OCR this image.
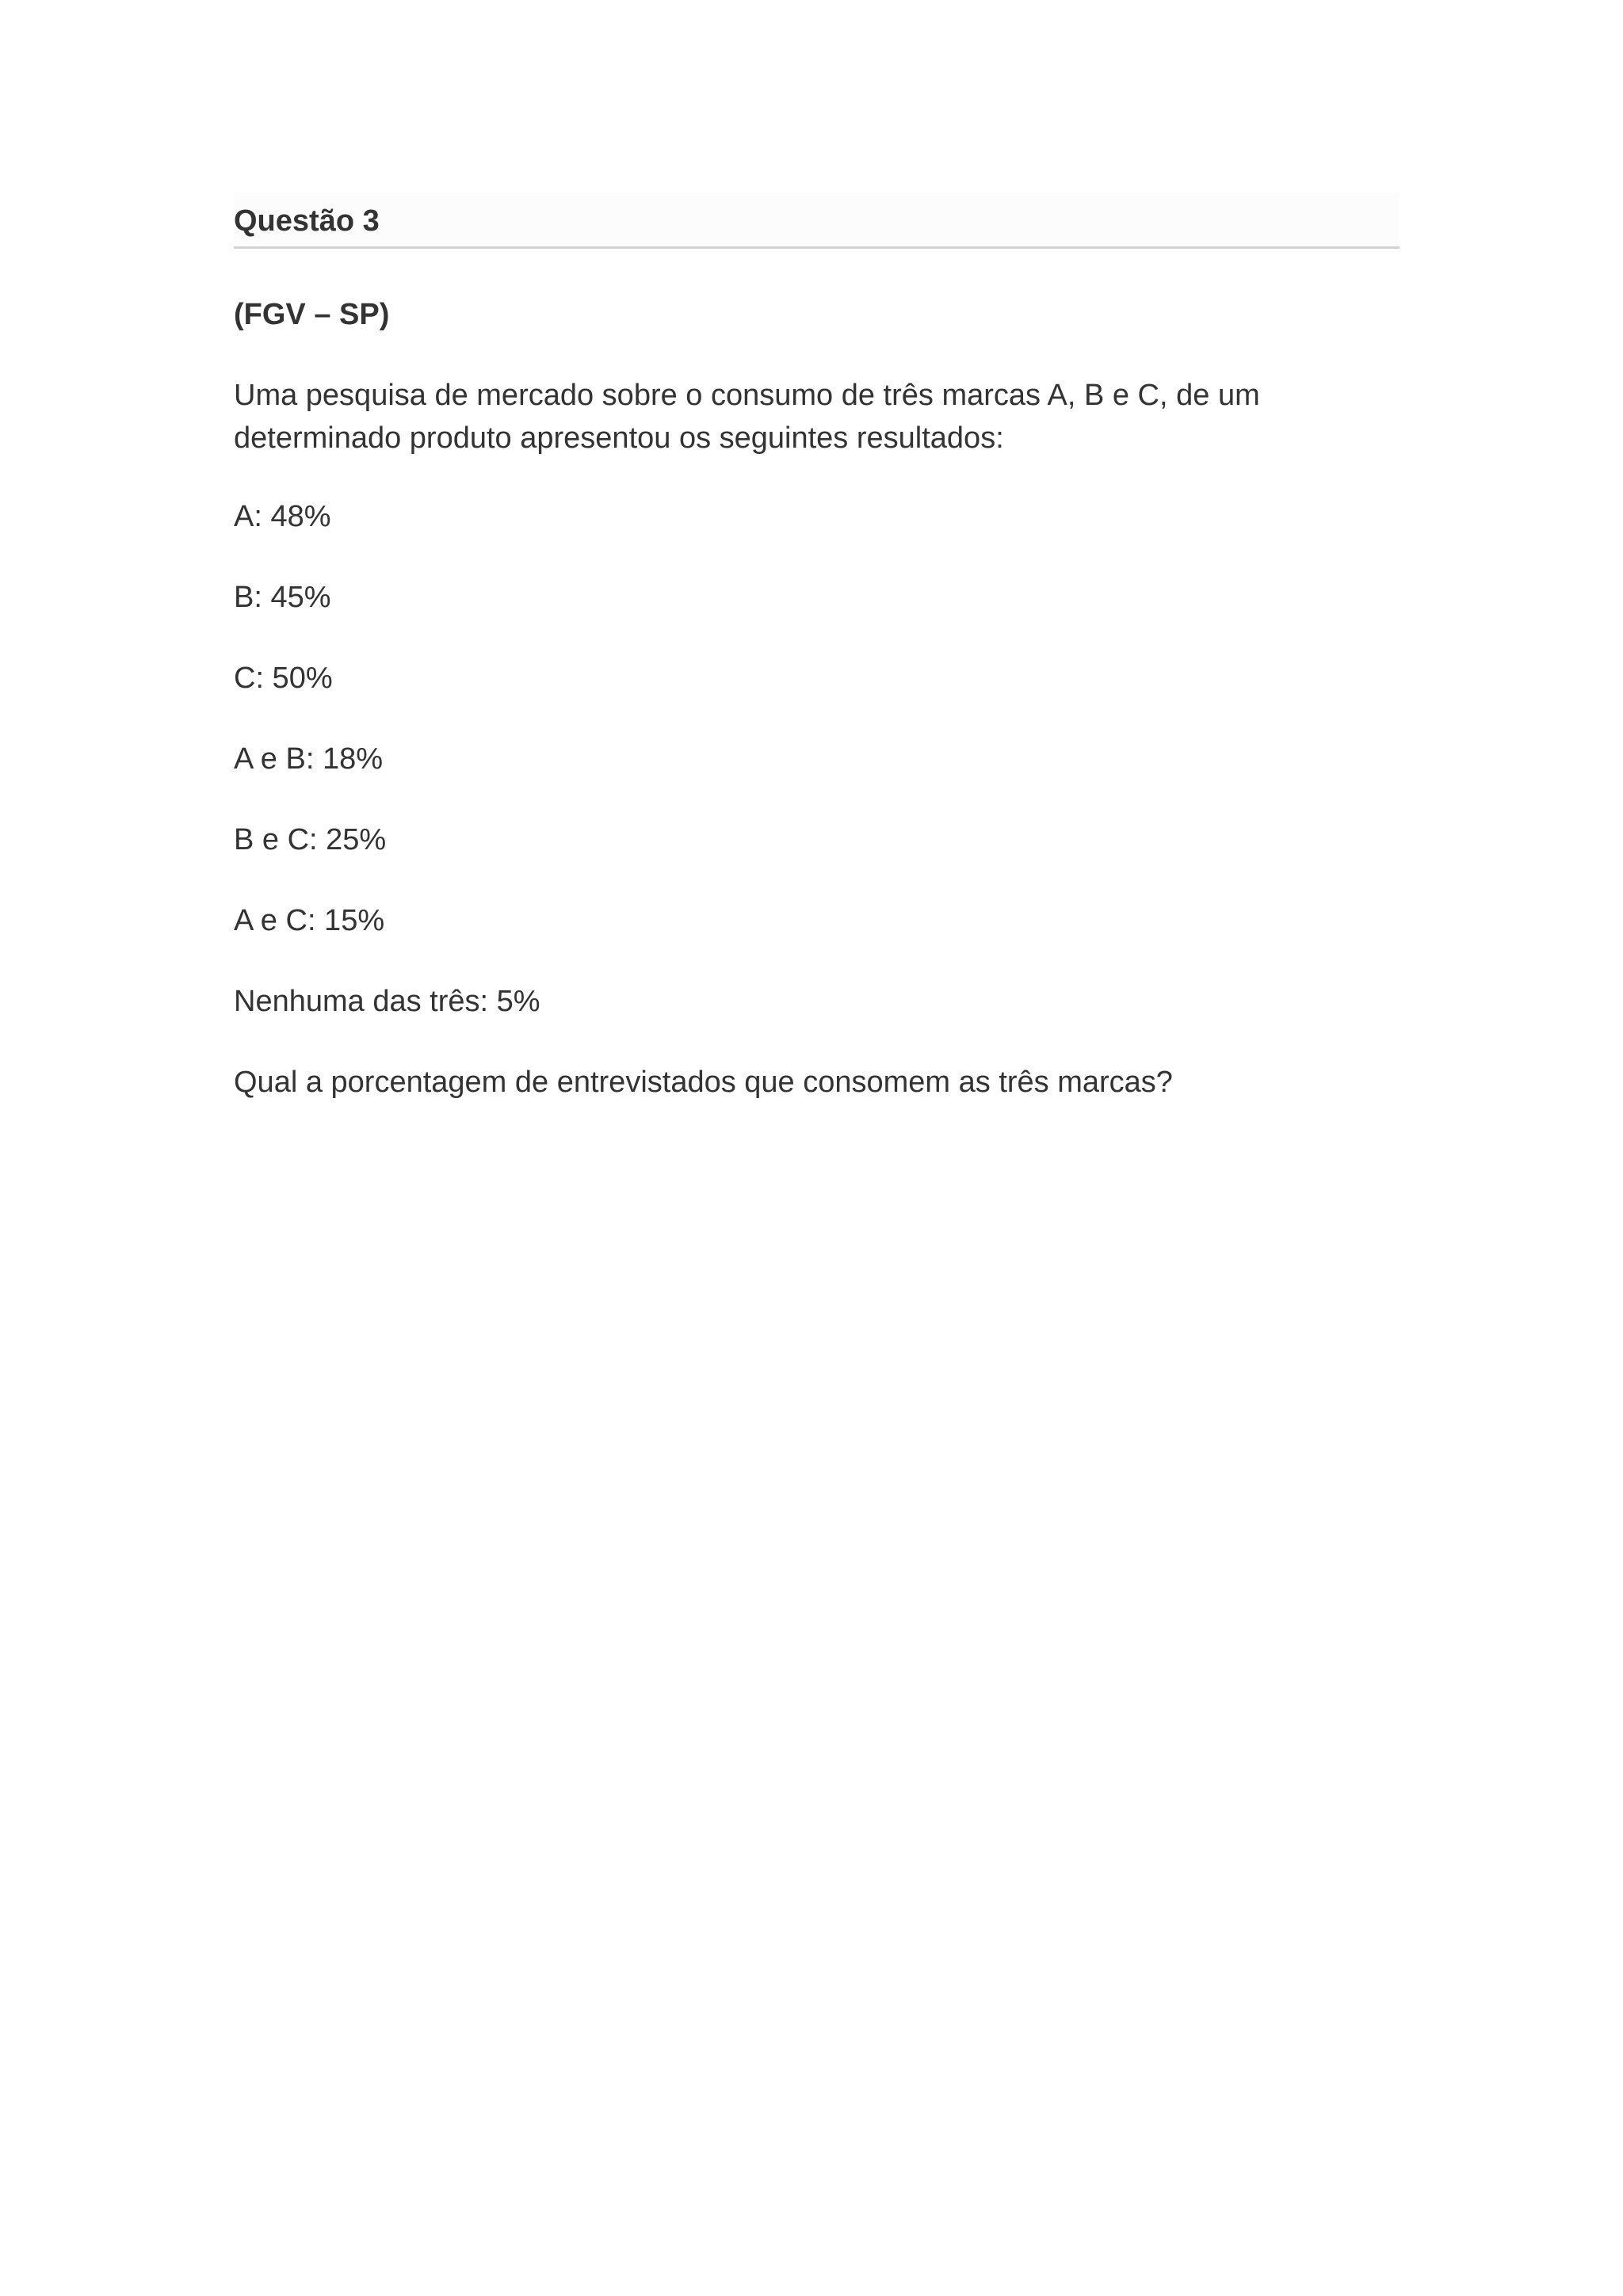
Questão 3

(FGV – SP)

Uma pesquisa de mercado sobre o consumo de três marcas A, B e C, de um determinado produto apresentou os seguintes resultados:

A: 48%

B: 45%

C: 50%

A e B: 18%

B e C: 25%

A e C: 15%

Nenhuma das três: 5%

Qual a porcentagem de entrevistados que consomem as três marcas?
